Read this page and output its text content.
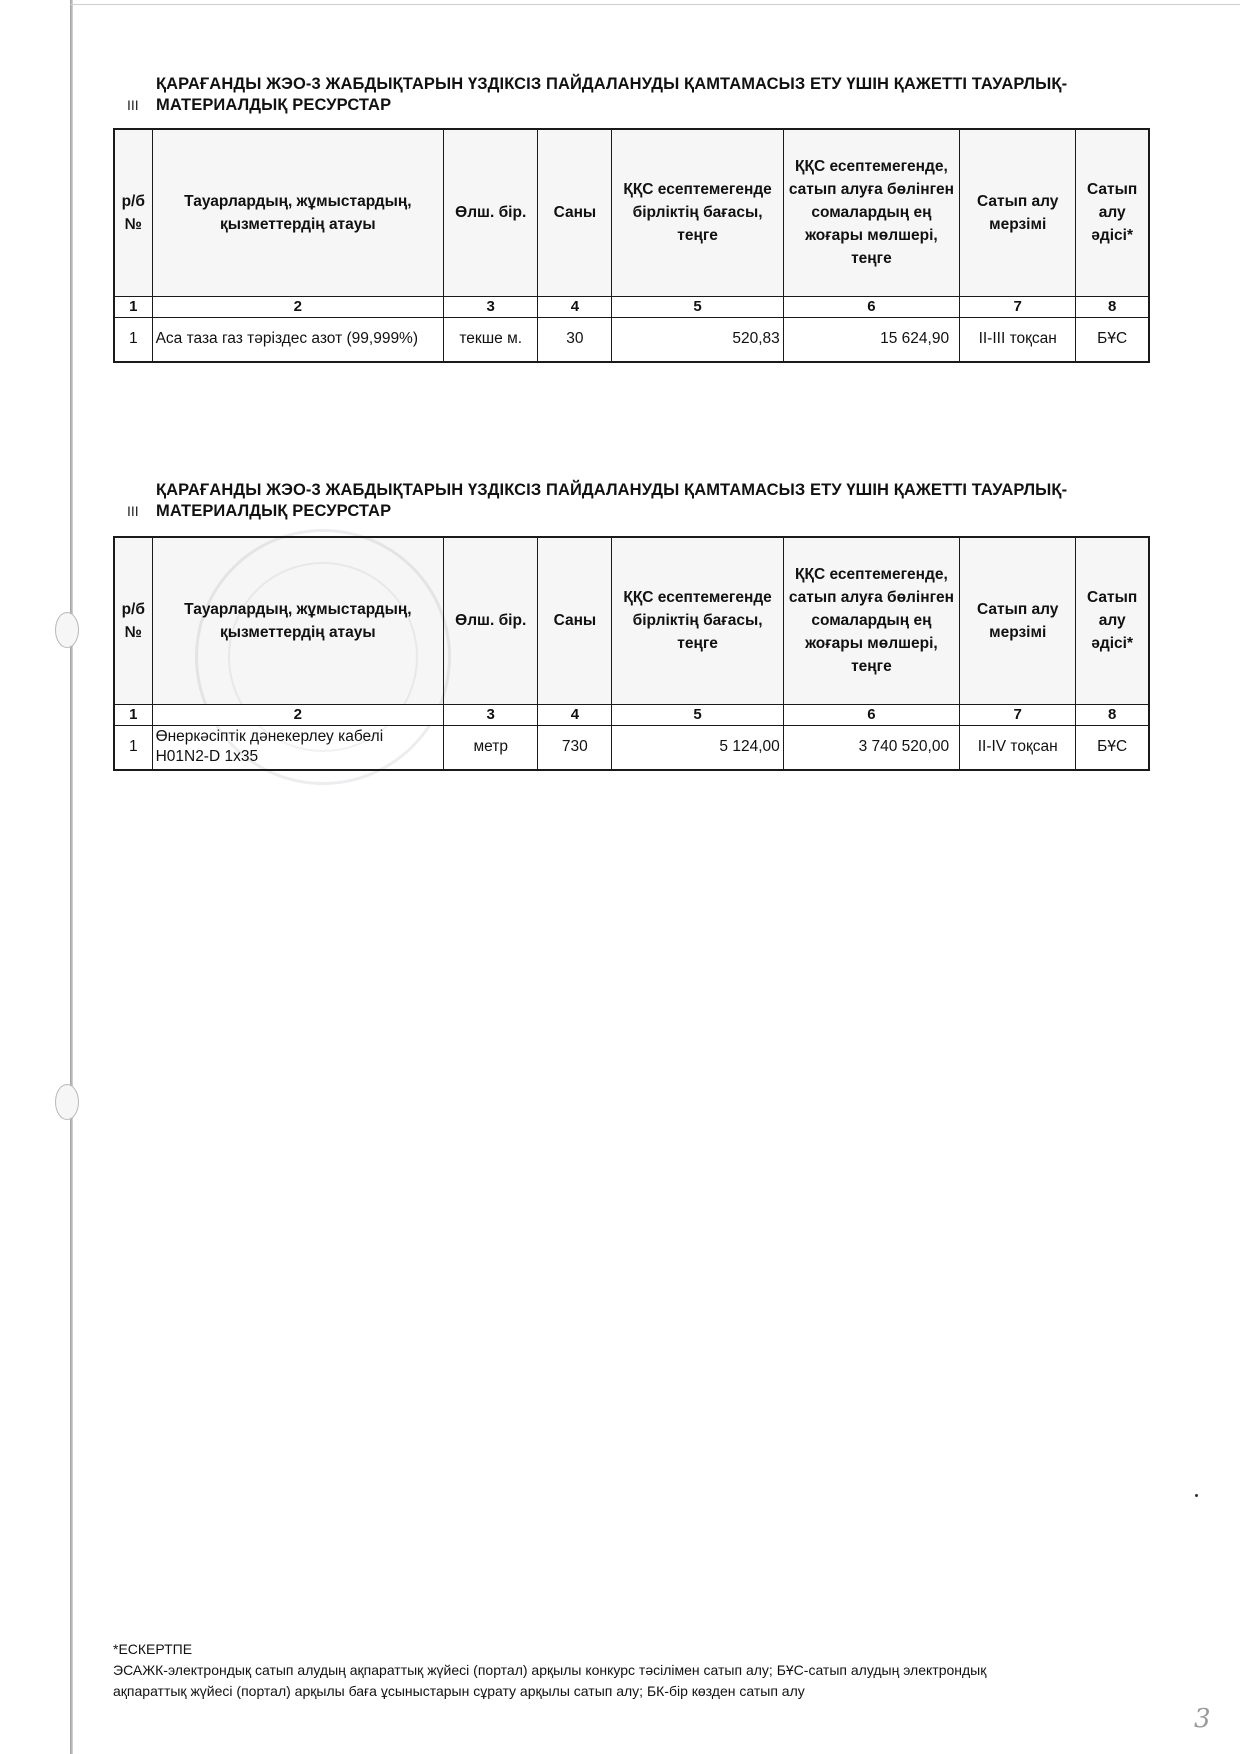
III
ҚАРАҒАНДЫ ЖЭО-3 ЖАБДЫҚТАРЫН ҮЗДІКСІЗ ПАЙДАЛАНУДЫ ҚАМТАМАСЫЗ ЕТУ ҮШІН ҚАЖЕТТІ ТАУАРЛЫҚ-
МАТЕРИАЛДЫҚ РЕСУРСТАР
р/б №	Тауарлардың, жұмыстардың, қызметтердің атауы	Өлш. бір.	Саны	ҚҚС есептемегенде бірліктің бағасы, теңге	ҚҚС есептемегенде, сатып алуға бөлінген сомалардың ең жоғары мөлшері, теңге	Сатып алу мерзімі	Сатып алу әдісі*
1	2	3	4	5	6	7	8
1	Аса таза газ тәріздес азот (99,999%)	текше м.	30	520,83	15 624,90	II-III тоқсан	БҰС
III
ҚАРАҒАНДЫ ЖЭО-3 ЖАБДЫҚТАРЫН ҮЗДІКСІЗ ПАЙДАЛАНУДЫ ҚАМТАМАСЫЗ ЕТУ ҮШІН ҚАЖЕТТІ ТАУАРЛЫҚ-
МАТЕРИАЛДЫҚ РЕСУРСТАР
р/б №	Тауарлардың, жұмыстардың, қызметтердің атауы	Өлш. бір.	Саны	ҚҚС есептемегенде бірліктің бағасы, теңге	ҚҚС есептемегенде, сатып алуға бөлінген сомалардың ең жоғары мөлшері, теңге	Сатып алу мерзімі	Сатып алу әдісі*
1	2	3	4	5	6	7	8
1	Өнеркәсіптік дәнекерлеу кабелі H01N2-D 1x35	метр	730	5 124,00	3 740 520,00	II-IV тоқсан	БҰС
*ЕСКЕРТПЕ
ЭСАЖК-электрондық сатып алудың ақпараттық жүйесі (портал) арқылы конкурс тәсілімен сатып алу; БҰС-сатып алудың электрондық
ақпараттық жүйесі (портал) арқылы баға ұсыныстарын сұрату арқылы сатып алу; БК-бір көзден сатып алу
3
